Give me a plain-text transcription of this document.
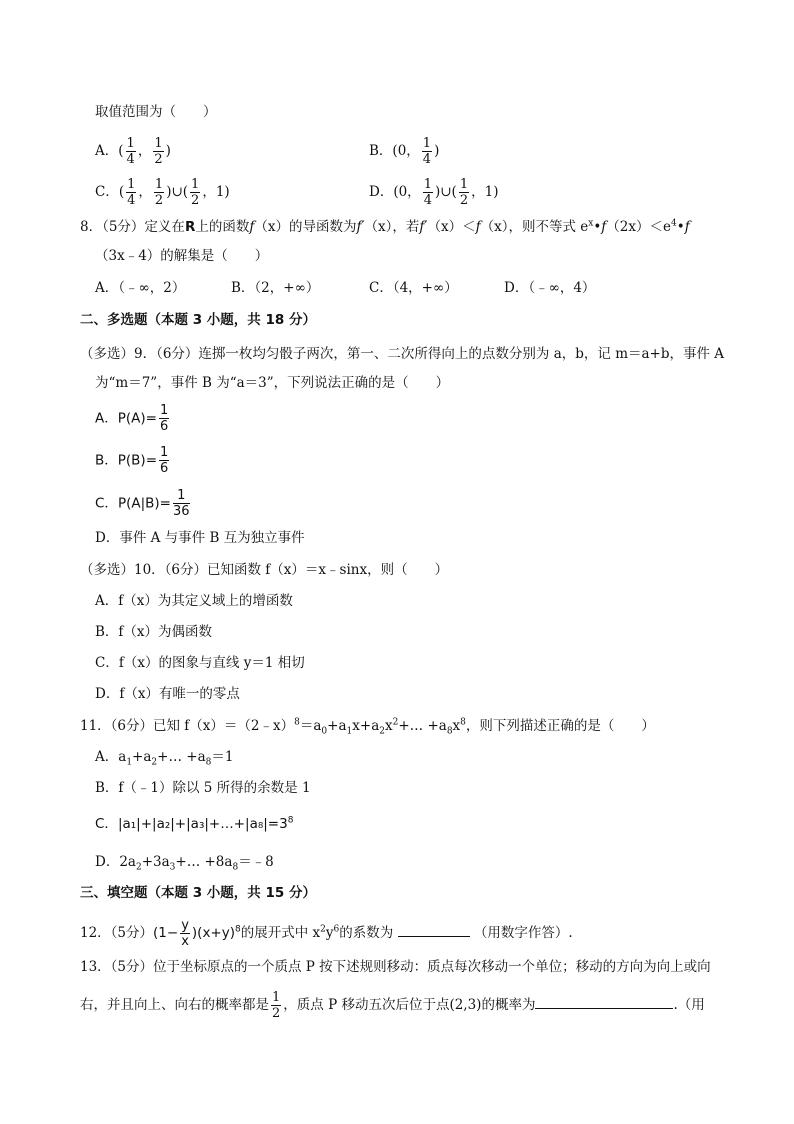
取值范围为（　　）
A．( $\frac{1}{4}$ ， $\frac{1}{2}$ )	B．(0， $\frac{1}{4}$ )
C．( $\frac{1}{4}$ ， $\frac{1}{2}$ )∪( $\frac{1}{2}$ ，1)	D．(0， $\frac{1}{4}$ )∪( $\frac{1}{2}$ ，1)
8．（5分）定义在R上的函数f（x）的导函数为f′（x），若f′（x）＜f（x），则不等式 $e^x•f(2x)<e^4•f$
（3x﹣4）的解集是（　　）
A．（﹣∞，2）	B．（2，+∞）	C．（4，+∞）	D．（﹣∞，4）
二、多选题（本题 3 小题，共 18 分）
（多选）9．（6分）连掷一枚均匀骰子两次，第一、二次所得向上的点数分别为 a，b，记 m＝a+b，事件 A
为“m＝7”，事件 B 为“a＝3”，下列说法正确的是（　　）
A．$P(A)= \frac{1}{6}$
B．$P(B)= \frac{1}{6}$
C．$P(A|B)= \frac{1}{36}$
D．事件 A 与事件 B 互为独立事件
（多选）10．（6分）已知函数 f（x）＝x﹣sinx，则（　　）
A．f（x）为其定义域上的增函数
B．f（x）为偶函数
C．f（x）的图象与直线 y＝1 相切
D．f（x）有唯一的零点
11．（6分）已知 $f(x)=(2﹣x)^8=a_0+a_1x+a_2x^2+\dots +a_8x^8$，则下列描述正确的是（　　）
A．$a_1+a_2+\dots +a_8=1$
B．f（﹣1）除以 5 所得的余数是 1
C．$|a_1|+|a_2|+|a_3|+\dots+|a_8|=3^8$
D．$2a_2+3a_3+\dots$ $+8a_8=﹣8$
三、填空题（本题 3 小题，共 15 分）
12．（5分）$(1- \frac{y}{x} )(x+y)^8$的展开式中 $x^2y^6$的系数为	（用数字作答）.
13．（5分）位于坐标原点的一个质点 P 按下述规则移动：质点每次移动一个单位；移动的方向为向上或向
右，并且向上、向右的概率都是 $\frac{1}{2}$ ，质点 P 移动五次后位于点(2,3)的概率为	.（用
